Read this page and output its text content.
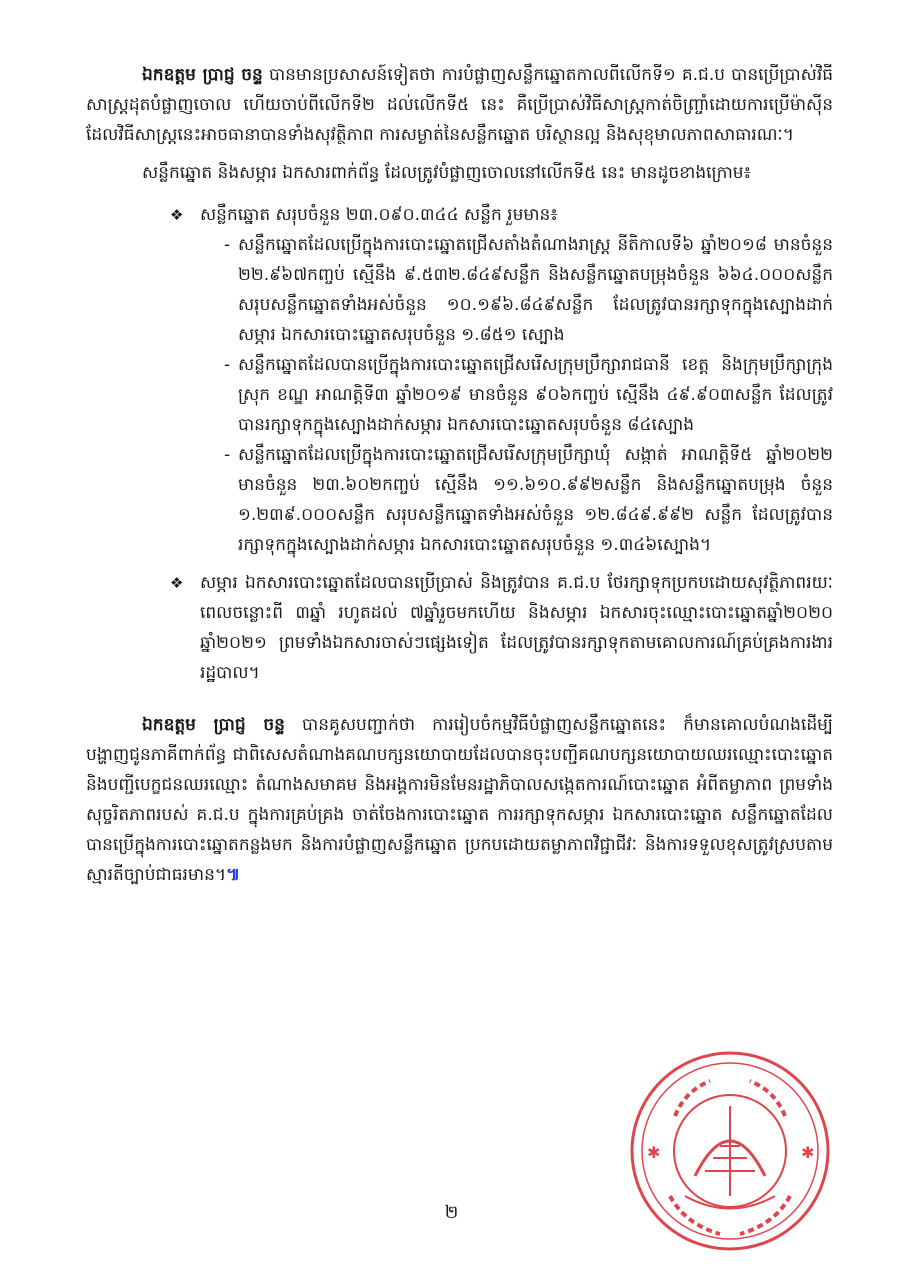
ឯកឧត្តម ប្រាជ្ញ ចន្ទ បានមានប្រសាសន៍ទៀតថា ការបំផ្លាញសន្លឹកឆ្នោតកាលពីលើកទី១ គ.ជ.ប បានប្រើប្រាស់វិធីសាស្ត្រដុតបំផ្លាញចោល ហើយចាប់ពីលើកទី២ ដល់លើកទី៥ នេះ គឺប្រើប្រាស់វិធីសាស្ត្រកាត់ចិញ្ច្រាំដោយការប្រើម៉ាស៊ីន ដែលវិធីសាស្ត្រនេះអាចធានាបានទាំងសុវត្ថិភាព ការសម្ងាត់នៃសន្លឹកឆ្នោត បរិស្ថានល្អ និងសុខុមាលភាពសាធារណៈ។

សន្លឹកឆ្នោត និងសម្ភារ ឯកសារពាក់ព័ន្ធ ដែលត្រូវបំផ្លាញចោលនៅលើកទី៥ នេះ មានដូចខាងក្រោម៖

❖ សន្លឹកឆ្នោត សរុបចំនួន ២៣.០៩០.៣៤៤ សន្លឹក រួមមាន៖

- សន្លឹកឆ្នោតដែលប្រើក្នុងការបោះឆ្នោតជ្រើសតាំងតំណាងរាស្ត្រ នីតិកាលទី៦ ឆ្នាំ២០១៨ មានចំនួន ២២.៩៦៧កញ្ចប់ ស្មើនឹង ៩.៥៣២.៨៤៩សន្លឹក និងសន្លឹកឆ្នោតបម្រុងចំនួន ៦៦៤.០០០សន្លឹក សរុបសន្លឹកឆ្នោតទាំងអស់ចំនួន ១០.១៩៦.៨៤៩សន្លឹក ដែលត្រូវបានរក្សាទុកក្នុងស្បោងដាក់សម្ភារ ឯកសារបោះឆ្នោតសរុបចំនួន ១.៨៥១ ស្បោង

- សន្លឹកឆ្នោតដែលបានប្រើក្នុងការបោះឆ្នោតជ្រើសរើសក្រុមប្រឹក្សារាជធានី ខេត្ត និងក្រុមប្រឹក្សាក្រុង ស្រុក ខណ្ឌ អាណត្តិទី៣ ឆ្នាំ២០១៩ មានចំនួន ៩០៦កញ្ចប់ ស្មើនឹង ៤៩.៩០៣សន្លឹក ដែលត្រូវបានរក្សាទុកក្នុងស្បោងដាក់សម្ភារ ឯកសារបោះឆ្នោតសរុបចំនួន ៨៤ស្បោង

- សន្លឹកឆ្នោតដែលប្រើក្នុងការបោះឆ្នោតជ្រើសរើសក្រុមប្រឹក្សាឃុំ សង្កាត់ អាណត្តិទី៥ ឆ្នាំ២០២២ មានចំនួន ២៣.៦០២កញ្ចប់ ស្មើនឹង ១១.៦១០.៩៩២សន្លឹក និងសន្លឹកឆ្នោតបម្រុង ចំនួន ១.២៣៩.០០០សន្លឹក សរុបសន្លឹកឆ្នោតទាំងអស់ចំនួន ១២.៨៤៩.៩៩២ សន្លឹក ដែលត្រូវបានរក្សាទុកក្នុងស្បោងដាក់សម្ភារ ឯកសារបោះឆ្នោតសរុបចំនួន ១.៣៤៦ស្បោង។

❖ សម្ភារ ឯកសារបោះឆ្នោតដែលបានប្រើប្រាស់ និងត្រូវបាន គ.ជ.ប ថែរក្សាទុកប្រកបដោយសុវត្ថិភាពរយៈពេលចន្លោះពី ៣ឆ្នាំ រហូតដល់ ៧ឆ្នាំរួចមកហើយ និងសម្ភារ ឯកសារចុះឈ្មោះបោះឆ្នោតឆ្នាំ២០២០ ឆ្នាំ២០២១ ព្រមទាំងឯកសារចាស់ៗផ្សេងទៀត ដែលត្រូវបានរក្សាទុកតាមគោលការណ៍គ្រប់គ្រងការងាររដ្ឋបាល។

ឯកឧត្តម ប្រាជ្ញ ចន្ទ បានគូសបញ្ជាក់ថា ការរៀបចំកម្មវិធីបំផ្លាញសន្លឹកឆ្នោតនេះ ក៏មានគោលបំណងដើម្បីបង្ហាញជូនភាគីពាក់ព័ន្ធ ជាពិសេសតំណាងគណបក្សនយោបាយដែលបានចុះបញ្ជីគណបក្សនយោបាយឈរឈ្មោះបោះឆ្នោត និងបញ្ជីបេក្ខជនឈរឈ្មោះ តំណាងសមាគម និងអង្គការមិនមែនរដ្ឋាភិបាលសង្កេតការណ៍បោះឆ្នោត អំពីតម្លាភាព ព្រមទាំងសុច្ចរិតភាពរបស់ គ.ជ.ប ក្នុងការគ្រប់គ្រង ចាត់ចែងការបោះឆ្នោត ការរក្សាទុកសម្ភារ ឯកសារបោះឆ្នោត សន្លឹកឆ្នោតដែលបានប្រើក្នុងការបោះឆ្នោតកន្លងមក និងការបំផ្លាញសន្លឹកឆ្នោត ប្រកបដោយតម្លាភាពវិជ្ជាជីវៈ និងការទទួលខុសត្រូវស្របតាមស្មារតីច្បាប់ជាធរមាន។៕

២
✱	✱
